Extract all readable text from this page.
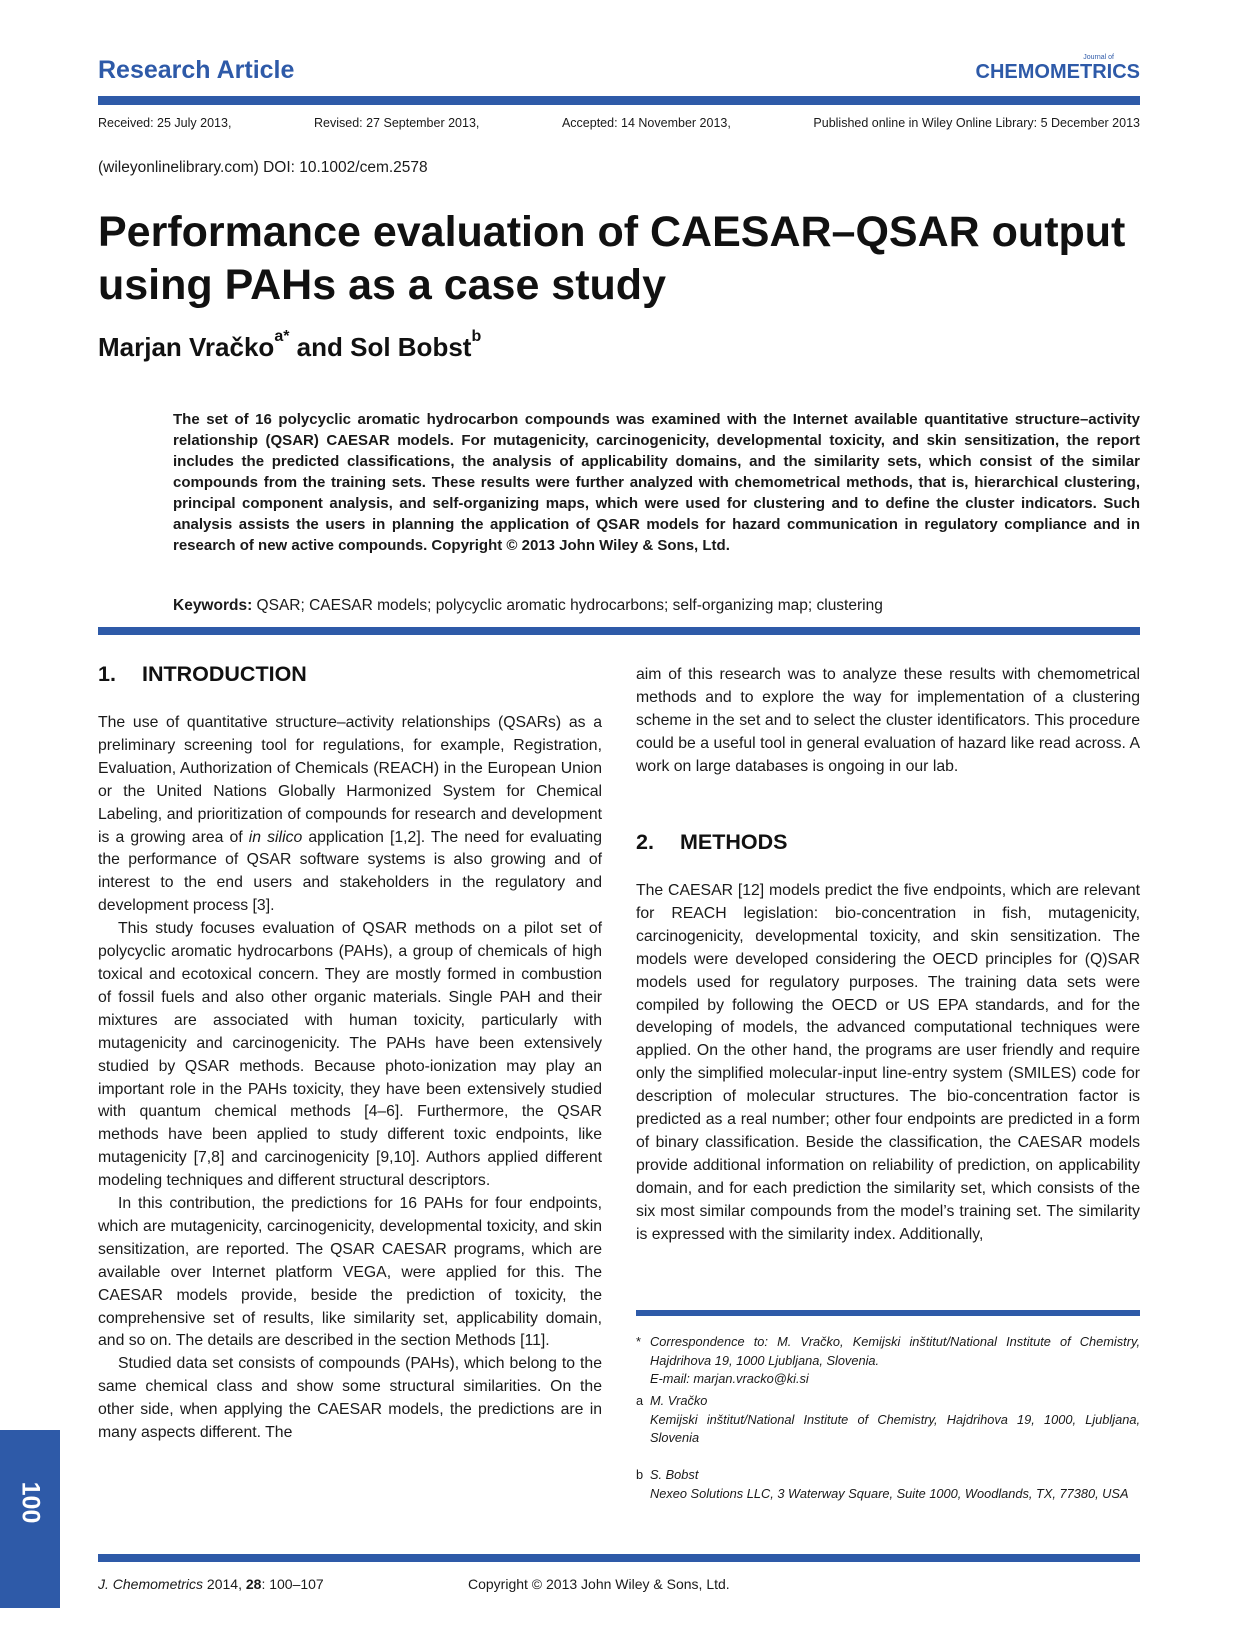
Research Article	Journal of
CHEMOMETRICS
Received: 25 July 2013,	Revised: 27 September 2013,	Accepted: 14 November 2013,	Published online in Wiley Online Library: 5 December 2013
(wileyonlinelibrary.com) DOI: 10.1002/cem.2578
Performance evaluation of CAESAR–QSAR output using PAHs as a case study
Marjan Vračko$^{a*}$ and Sol Bobst$^b$
The set of 16 polycyclic aromatic hydrocarbon compounds was examined with the Internet available quantitative structure–activity relationship (QSAR) CAESAR models. For mutagenicity, carcinogenicity, developmental toxicity, and skin sensitization, the report includes the predicted classifications, the analysis of applicability domains, and the similarity sets, which consist of the similar compounds from the training sets. These results were further analyzed with chemometrical methods, that is, hierarchical clustering, principal component analysis, and self-organizing maps, which were used for clustering and to define the cluster indicators. Such analysis assists the users in planning the application of QSAR models for hazard communication in regulatory compliance and in research of new active compounds. Copyright © 2013 John Wiley & Sons, Ltd.
Keywords: QSAR; CAESAR models; polycyclic aromatic hydrocarbons; self-organizing map; clustering
1. INTRODUCTION

The use of quantitative structure–activity relationships (QSARs) as a preliminary screening tool for regulations, for example, Registration, Evaluation, Authorization of Chemicals (REACH) in the European Union or the United Nations Globally Harmonized System for Chemical Labeling, and prioritization of compounds for research and development is a growing area of in silico application [1,2]. The need for evaluating the performance of QSAR software systems is also growing and of interest to the end users and stakeholders in the regulatory and development process [3].

This study focuses evaluation of QSAR methods on a pilot set of polycyclic aromatic hydrocarbons (PAHs), a group of chemicals of high toxical and ecotoxical concern. They are mostly formed in combustion of fossil fuels and also other organic materials. Single PAH and their mixtures are associated with human toxicity, particularly with mutagenicity and carcinogenicity. The PAHs have been extensively studied by QSAR methods. Because photo-ionization may play an important role in the PAHs toxicity, they have been extensively studied with quantum chemical methods [4–6]. Furthermore, the QSAR methods have been applied to study different toxic endpoints, like mutagenicity [7,8] and carcinogenicity [9,10]. Authors applied different modeling techniques and different structural descriptors.

In this contribution, the predictions for 16 PAHs for four endpoints, which are mutagenicity, carcinogenicity, developmental toxicity, and skin sensitization, are reported. The QSAR CAESAR programs, which are available over Internet platform VEGA, were applied for this. The CAESAR models provide, beside the prediction of toxicity, the comprehensive set of results, like similarity set, applicability domain, and so on. The details are described in the section Methods [11].

Studied data set consists of compounds (PAHs), which belong to the same chemical class and show some structural similarities. On the other side, when applying the CAESAR models, the predictions are in many aspects different. The

aim of this research was to analyze these results with chemometrical methods and to explore the way for implementation of a clustering scheme in the set and to select the cluster identificators. This procedure could be a useful tool in general evaluation of hazard like read across. A work on large databases is ongoing in our lab.

2. METHODS

The CAESAR [12] models predict the five endpoints, which are relevant for REACH legislation: bio-concentration in fish, mutagenicity, carcinogenicity, developmental toxicity, and skin sensitization. The models were developed considering the OECD principles for (Q)SAR models used for regulatory purposes. The training data sets were compiled by following the OECD or US EPA standards, and for the developing of models, the advanced computational techniques were applied. On the other hand, the programs are user friendly and require only the simplified molecular-input line-entry system (SMILES) code for description of molecular structures. The bio-concentration factor is predicted as a real number; other four endpoints are predicted in a form of binary classification. Beside the classification, the CAESAR models provide additional information on reliability of prediction, on applicability domain, and for each prediction the similarity set, which consists of the six most similar compounds from the model’s training set. The similarity is expressed with the similarity index. Additionally,

* Correspondence to: M. Vračko, Kemijski inštitut/National Institute of Chemistry, Hajdrihova 19, 1000 Ljubljana, Slovenia.
E-mail: marjan.vracko@ki.si
a M. Vračko
Kemijski inštitut/National Institute of Chemistry, Hajdrihova 19, 1000, Ljubljana, Slovenia
b S. Bobst
Nexeo Solutions LLC, 3 Waterway Square, Suite 1000, Woodlands, TX, 77380, USA
100
J. Chemometrics 2014, 28: 100–107	Copyright © 2013 John Wiley & Sons, Ltd.
